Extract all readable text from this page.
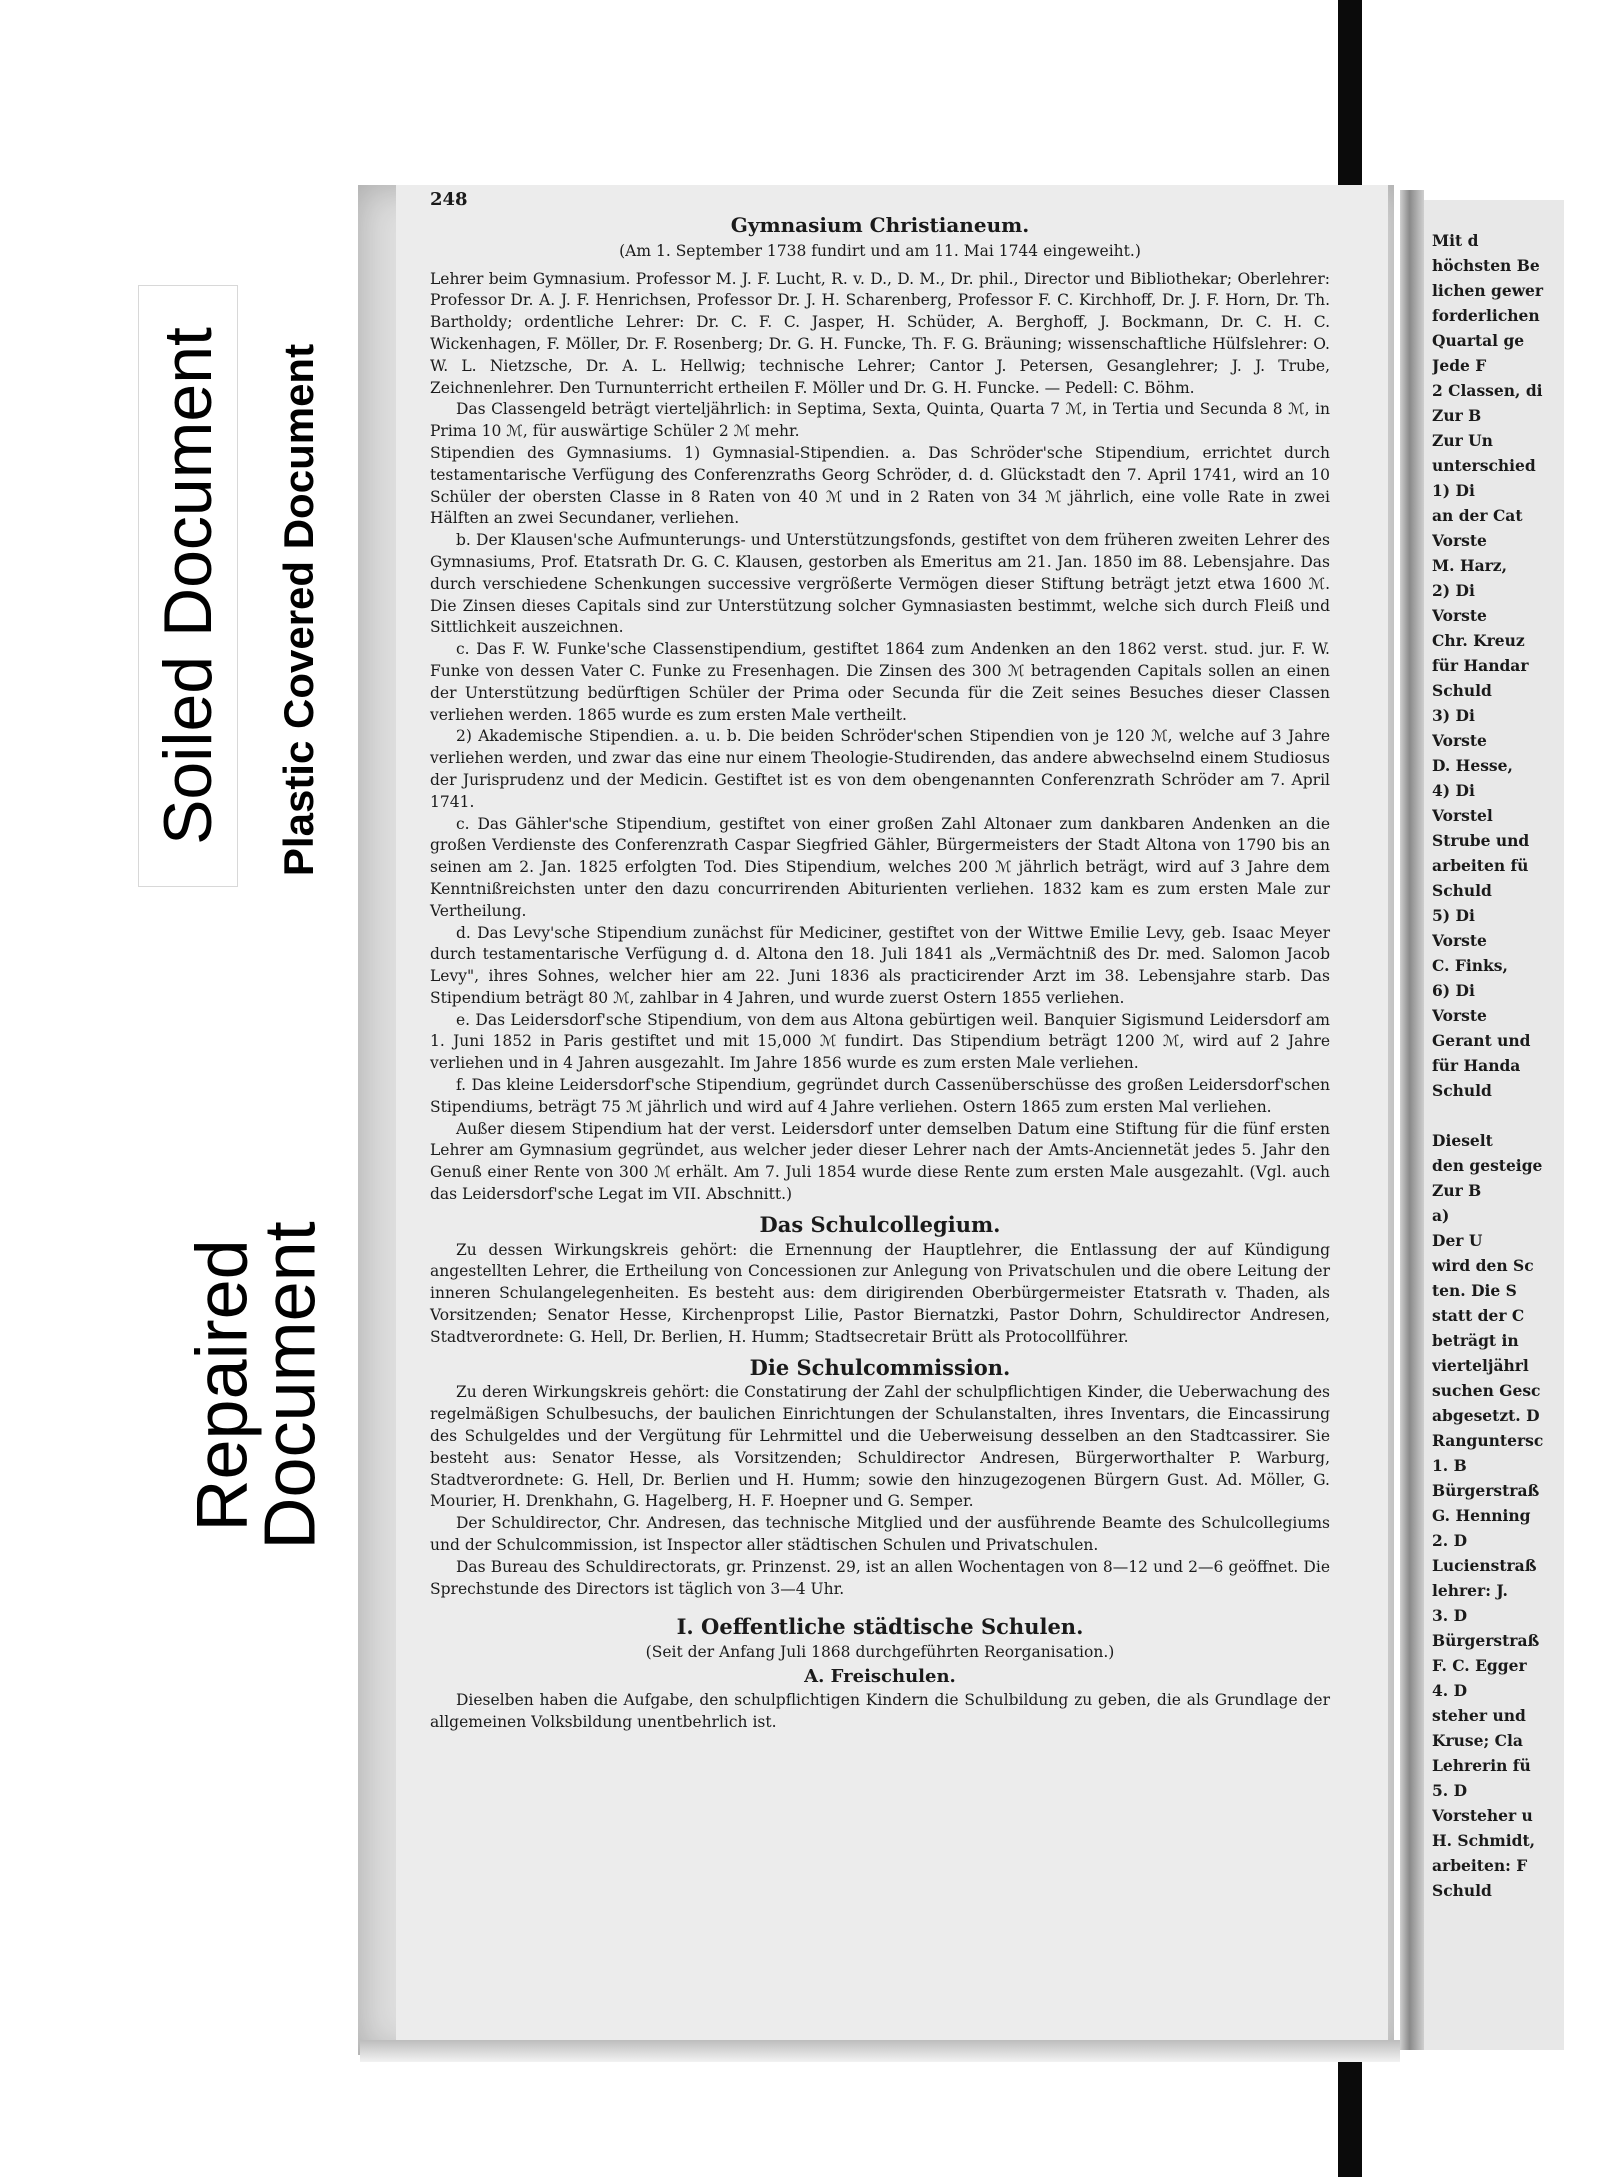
Soiled Document Plastic Covered Document
Repaired
Document
248
Gymnasium Christianeum.
(Am 1. September 1738 fundirt und am 11. Mai 1744 eingeweiht.)

Lehrer beim Gymnasium. Professor M. J. F. Lucht, R. v. D., D. M., Dr. phil., Director und Bibliothekar; Oberlehrer: Professor Dr. A. J. F. Henrichsen, Professor Dr. J. H. Scharenberg, Professor F. C. Kirchhoff, Dr. J. F. Horn, Dr. Th. Bartholdy; ordentliche Lehrer: Dr. C. F. C. Jasper, H. Schüder, A. Berghoff, J. Bockmann, Dr. C. H. C. Wickenhagen, F. Möller, Dr. F. Rosenberg; Dr. G. H. Funcke, Th. F. G. Bräuning; wissenschaftliche Hülfslehrer: O. W. L. Nietzsche, Dr. A. L. Hellwig; technische Lehrer; Cantor J. Petersen, Gesanglehrer; J. J. Trube, Zeichnenlehrer. Den Turnunterricht ertheilen F. Möller und Dr. G. H. Funcke. — Pedell: C. Böhm.

Das Classengeld beträgt vierteljährlich: in Septima, Sexta, Quinta, Quarta 7 ℳ, in Tertia und Secunda 8 ℳ, in Prima 10 ℳ, für auswärtige Schüler 2 ℳ mehr.

Stipendien des Gymnasiums. 1) Gymnasial-Stipendien. a. Das Schröder'sche Stipendium, errichtet durch testamentarische Verfügung des Conferenzraths Georg Schröder, d. d. Glückstadt den 7. April 1741, wird an 10 Schüler der obersten Classe in 8 Raten von 40 ℳ und in 2 Raten von 34 ℳ jährlich, eine volle Rate in zwei Hälften an zwei Secundaner, verliehen.

b. Der Klausen'sche Aufmunterungs- und Unterstützungsfonds, gestiftet von dem früheren zweiten Lehrer des Gymnasiums, Prof. Etatsrath Dr. G. C. Klausen, gestorben als Emeritus am 21. Jan. 1850 im 88. Lebensjahre. Das durch verschiedene Schenkungen successive vergrößerte Vermögen dieser Stiftung beträgt jetzt etwa 1600 ℳ. Die Zinsen dieses Capitals sind zur Unterstützung solcher Gymnasiasten bestimmt, welche sich durch Fleiß und Sittlichkeit auszeichnen.

c. Das F. W. Funke'sche Classenstipendium, gestiftet 1864 zum Andenken an den 1862 verst. stud. jur. F. W. Funke von dessen Vater C. Funke zu Fresenhagen. Die Zinsen des 300 ℳ betragenden Capitals sollen an einen der Unterstützung bedürftigen Schüler der Prima oder Secunda für die Zeit seines Besuches dieser Classen verliehen werden. 1865 wurde es zum ersten Male vertheilt.

2) Akademische Stipendien. a. u. b. Die beiden Schröder'schen Stipendien von je 120 ℳ, welche auf 3 Jahre verliehen werden, und zwar das eine nur einem Theologie-Studirenden, das andere abwechselnd einem Studiosus der Jurisprudenz und der Medicin. Gestiftet ist es von dem obengenannten Conferenzrath Schröder am 7. April 1741.

c. Das Gähler'sche Stipendium, gestiftet von einer großen Zahl Altonaer zum dankbaren Andenken an die großen Verdienste des Conferenzrath Caspar Siegfried Gähler, Bürgermeisters der Stadt Altona von 1790 bis an seinen am 2. Jan. 1825 erfolgten Tod. Dies Stipendium, welches 200 ℳ jährlich beträgt, wird auf 3 Jahre dem Kenntnißreichsten unter den dazu concurrirenden Abiturienten verliehen. 1832 kam es zum ersten Male zur Vertheilung.

d. Das Levy'sche Stipendium zunächst für Mediciner, gestiftet von der Wittwe Emilie Levy, geb. Isaac Meyer durch testamentarische Verfügung d. d. Altona den 18. Juli 1841 als „Vermächtniß des Dr. med. Salomon Jacob Levy", ihres Sohnes, welcher hier am 22. Juni 1836 als practicirender Arzt im 38. Lebensjahre starb. Das Stipendium beträgt 80 ℳ, zahlbar in 4 Jahren, und wurde zuerst Ostern 1855 verliehen.

e. Das Leidersdorf'sche Stipendium, von dem aus Altona gebürtigen weil. Banquier Sigismund Leidersdorf am 1. Juni 1852 in Paris gestiftet und mit 15,000 ℳ fundirt. Das Stipendium beträgt 1200 ℳ, wird auf 2 Jahre verliehen und in 4 Jahren ausgezahlt. Im Jahre 1856 wurde es zum ersten Male verliehen.

f. Das kleine Leidersdorf'sche Stipendium, gegründet durch Cassenüberschüsse des großen Leidersdorf'schen Stipendiums, beträgt 75 ℳ jährlich und wird auf 4 Jahre verliehen. Ostern 1865 zum ersten Mal verliehen.

Außer diesem Stipendium hat der verst. Leidersdorf unter demselben Datum eine Stiftung für die fünf ersten Lehrer am Gymnasium gegründet, aus welcher jeder dieser Lehrer nach der Amts-Anciennetät jedes 5. Jahr den Genuß einer Rente von 300 ℳ erhält. Am 7. Juli 1854 wurde diese Rente zum ersten Male ausgezahlt. (Vgl. auch das Leidersdorf'sche Legat im VII. Abschnitt.)

Das Schulcollegium.

Zu dessen Wirkungskreis gehört: die Ernennung der Hauptlehrer, die Entlassung der auf Kündigung angestellten Lehrer, die Ertheilung von Concessionen zur Anlegung von Privatschulen und die obere Leitung der inneren Schulangelegenheiten. Es besteht aus: dem dirigirenden Oberbürgermeister Etatsrath v. Thaden, als Vorsitzenden; Senator Hesse, Kirchenpropst Lilie, Pastor Biernatzki, Pastor Dohrn, Schuldirector Andresen, Stadtverordnete: G. Hell, Dr. Berlien, H. Humm; Stadtsecretair Brütt als Protocollführer.

Die Schulcommission.

Zu deren Wirkungskreis gehört: die Constatirung der Zahl der schulpflichtigen Kinder, die Ueberwachung des regelmäßigen Schulbesuchs, der baulichen Einrichtungen der Schulanstalten, ihres Inventars, die Eincassirung des Schulgeldes und der Vergütung für Lehrmittel und die Ueberweisung desselben an den Stadtcassirer. Sie besteht aus: Senator Hesse, als Vorsitzenden; Schuldirector Andresen, Bürgerworthalter P. Warburg, Stadtverordnete: G. Hell, Dr. Berlien und H. Humm; sowie den hinzugezogenen Bürgern Gust. Ad. Möller, G. Mourier, H. Drenkhahn, G. Hagelberg, H. F. Hoepner und G. Semper.

Der Schuldirector, Chr. Andresen, das technische Mitglied und der ausführende Beamte des Schulcollegiums und der Schulcommission, ist Inspector aller städtischen Schulen und Privatschulen.

Das Bureau des Schuldirectorats, gr. Prinzenst. 29, ist an allen Wochentagen von 8—12 und 2—6 geöffnet. Die Sprechstunde des Directors ist täglich von 3—4 Uhr.

I. Oeffentliche städtische Schulen.
(Seit der Anfang Juli 1868 durchgeführten Reorganisation.)
A. Freischulen.

Dieselben haben die Aufgabe, den schulpflichtigen Kindern die Schulbildung zu geben, die als Grundlage der allgemeinen Volksbildung unentbehrlich ist.

Mit d
höchsten Be
lichen gewer
forderlichen
Quartal ge
Jede F
2 Classen, di
Zur B
Zur Un
unterschied
1) Di
an der Cat
Vorste
M. Harz,
2) Di
Vorste
Chr. Kreuz
für Handar
Schuld
3) Di
Vorste
D. Hesse,
4) Di
Vorstel
Strube und
arbeiten fü
Schuld
5) Di
Vorste
C. Finks,
6) Di
Vorste
Gerant und
für Handa
Schuld
Dieselt
den gesteige
Zur B
a)
Der U
wird den Sc
ten. Die S
statt der C
beträgt in
vierteljährl
suchen Gesc
abgesetzt. D
Ranguntersc
1. B
Bürgerstraß
G. Henning
2. D
Lucienstraß
lehrer: J.
3. D
Bürgerstraß
F. C. Egger
4. D
steher und
Kruse; Cla
Lehrerin fü
5. D
Vorsteher u
H. Schmidt,
arbeiten: F
Schuld
